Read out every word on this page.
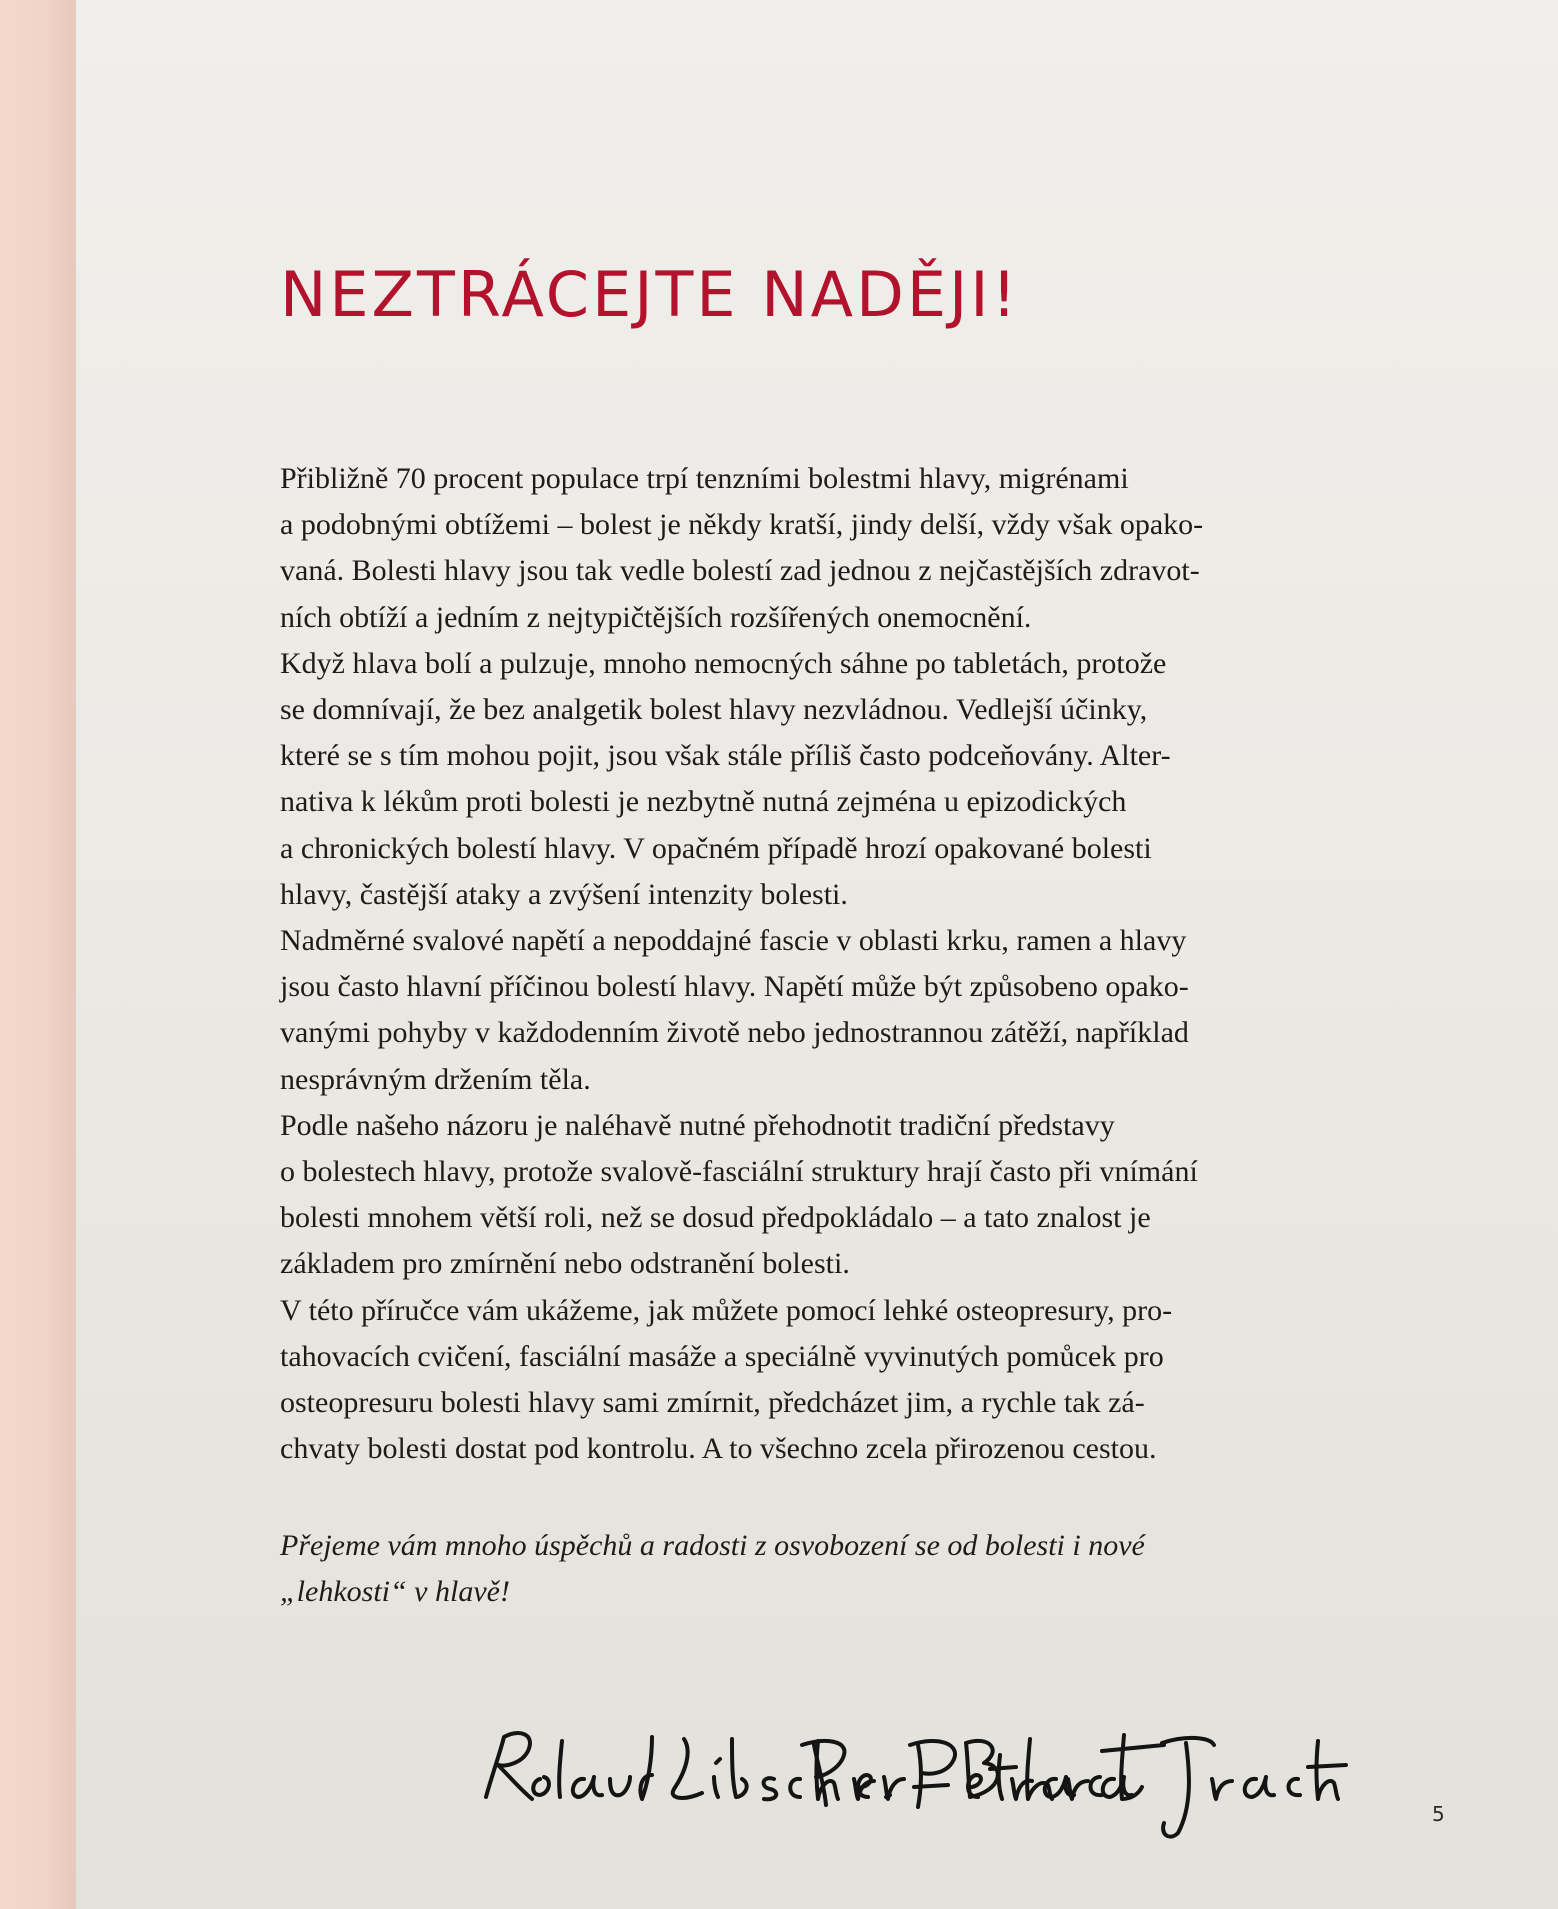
NEZTRÁCEJTE NADĚJI!
Přibližně 70 procent populace trpí tenzními bolestmi hlavy, migrénami
a podobnými obtížemi – bolest je někdy kratší, jindy delší, vždy však opako-
vaná. Bolesti hlavy jsou tak vedle bolestí zad jednou z nejčastějších zdravot-
ních obtíží a jedním z nejtypičtějších rozšířených onemocnění.
Když hlava bolí a pulzuje, mnoho nemocných sáhne po tabletách, protože
se domnívají, že bez analgetik bolest hlavy nezvládnou. Vedlejší účinky,
které se s tím mohou pojit, jsou však stále příliš často podceňovány. Alter-
nativa k lékům proti bolesti je nezbytně nutná zejména u epizodických
a chronických bolestí hlavy. V opačném případě hrozí opakované bolesti
hlavy, častější ataky a zvýšení intenzity bolesti.
Nadměrné svalové napětí a nepoddajné fascie v oblasti krku, ramen a hlavy
jsou často hlavní příčinou bolestí hlavy. Napětí může být způsobeno opako-
vanými pohyby v každodenním životě nebo jednostrannou zátěží, například
nesprávným držením těla.
Podle našeho názoru je naléhavě nutné přehodnotit tradiční představy
o bolestech hlavy, protože svalově-fasciální struktury hrají často při vnímání
bolesti mnohem větší roli, než se dosud předpokládalo – a tato znalost je
základem pro zmírnění nebo odstranění bolesti.
V této příručce vám ukážeme, jak můžete pomocí lehké osteopresury, pro-
tahovacích cvičení, fasciální masáže a speciálně vyvinutých pomůcek pro
osteopresuru bolesti hlavy sami zmírnit, předcházet jim, a rychle tak zá-
chvaty bolesti dostat pod kontrolu. A to všechno zcela přirozenou cestou.
Přejeme vám mnoho úspěchů a radosti z osvobození se od bolesti i nové
„lehkosti“ v hlavě!
5
